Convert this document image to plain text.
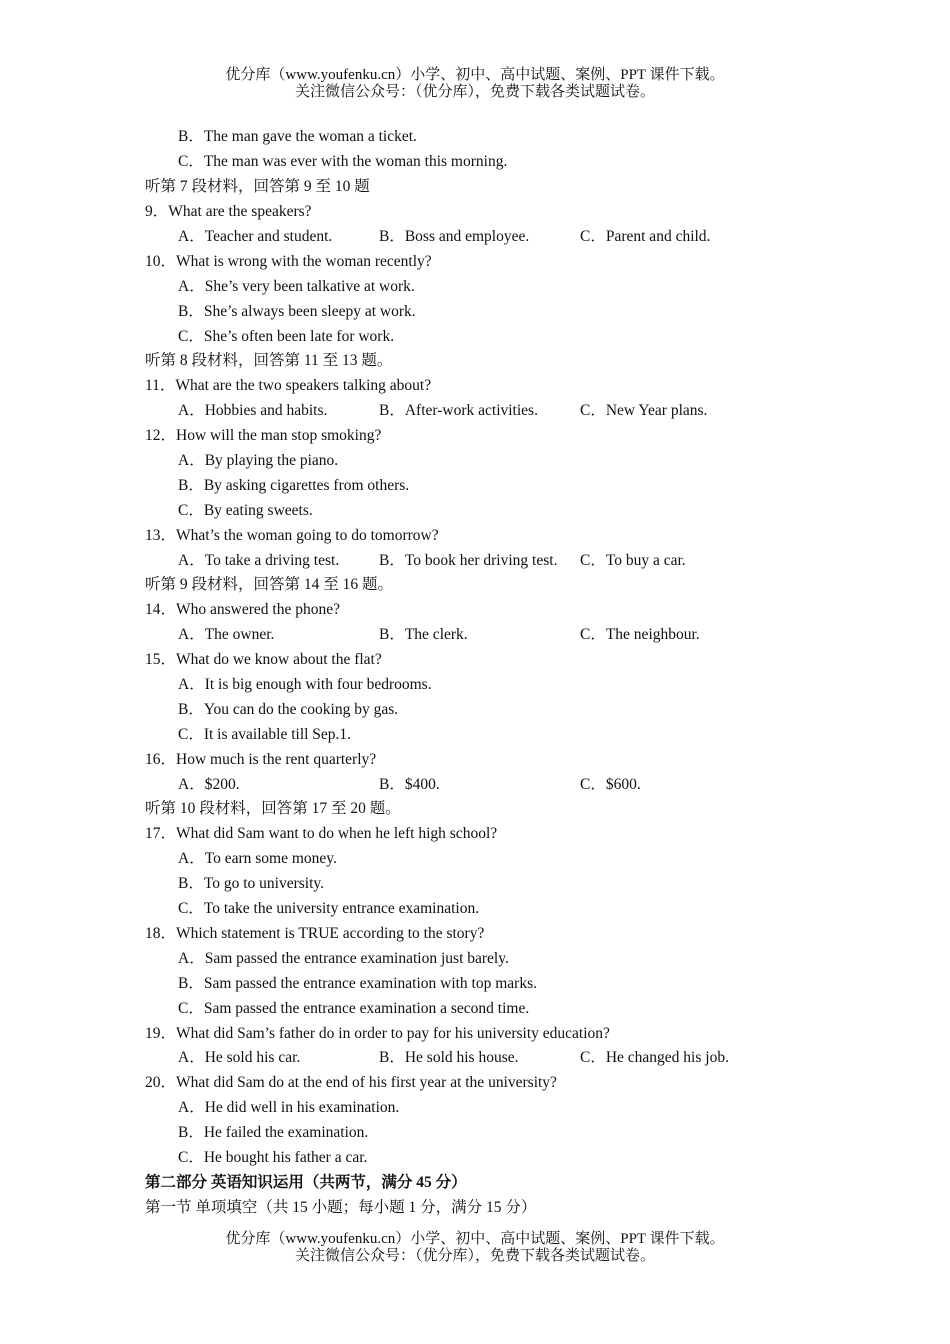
优分库（www.youfenku.cn）小学、初中、高中试题、案例、PPT 课件下载。
关注微信公众号：（优分库），免费下载各类试题试卷。
B．The man gave the woman a ticket.
C．The man was ever with the woman this morning.
听第 7 段材料，回答第 9 至 10 题
9．What are the speakers?
A．Teacher and student.	B．Boss and employee.	C．Parent and child.
10．What is wrong with the woman recently?
A．She’s very been talkative at work.
B．She’s always been sleepy at work.
C．She’s often been late for work.
听第 8 段材料，回答第 11 至 13 题。
11．What are the two speakers talking about?
A．Hobbies and habits.	B．After-work activities.	C．New Year plans.
12．How will the man stop smoking?
A．By playing the piano.
B．By asking cigarettes from others.
C．By eating sweets.
13．What’s the woman going to do tomorrow?
A．To take a driving test.	B．To book her driving test. C．To buy a car.
听第 9 段材料，回答第 14 至 16 题。
14．Who answered the phone?
A．The owner.	B．The clerk.	C．The neighbour.
15．What do we know about the flat?
A．It is big enough with four bedrooms.
B．You can do the cooking by gas.
C．It is available till Sep.1.
16．How much is the rent quarterly?
A．$200.	B．$400.	C．$600.
听第 10 段材料，回答第 17 至 20 题。
17．What did Sam want to do when he left high school?
A．To earn some money.
B．To go to university.
C．To take the university entrance examination.
18．Which statement is TRUE according to the story?
A．Sam passed the entrance examination just barely.
B．Sam passed the entrance examination with top marks.
C．Sam passed the entrance examination a second time.
19．What did Sam’s father do in order to pay for his university education?
A．He sold his car.	B．He sold his house.	C．He changed his job.
20．What did Sam do at the end of his first year at the university?
A．He did well in his examination.
B．He failed the examination.
C．He bought his father a car.
第二部分 英语知识运用（共两节，满分 45 分）
第一节 单项填空（共 15 小题；每小题 1 分，满分 15 分）
优分库（www.youfenku.cn）小学、初中、高中试题、案例、PPT 课件下载。
关注微信公众号：（优分库），免费下载各类试题试卷。
